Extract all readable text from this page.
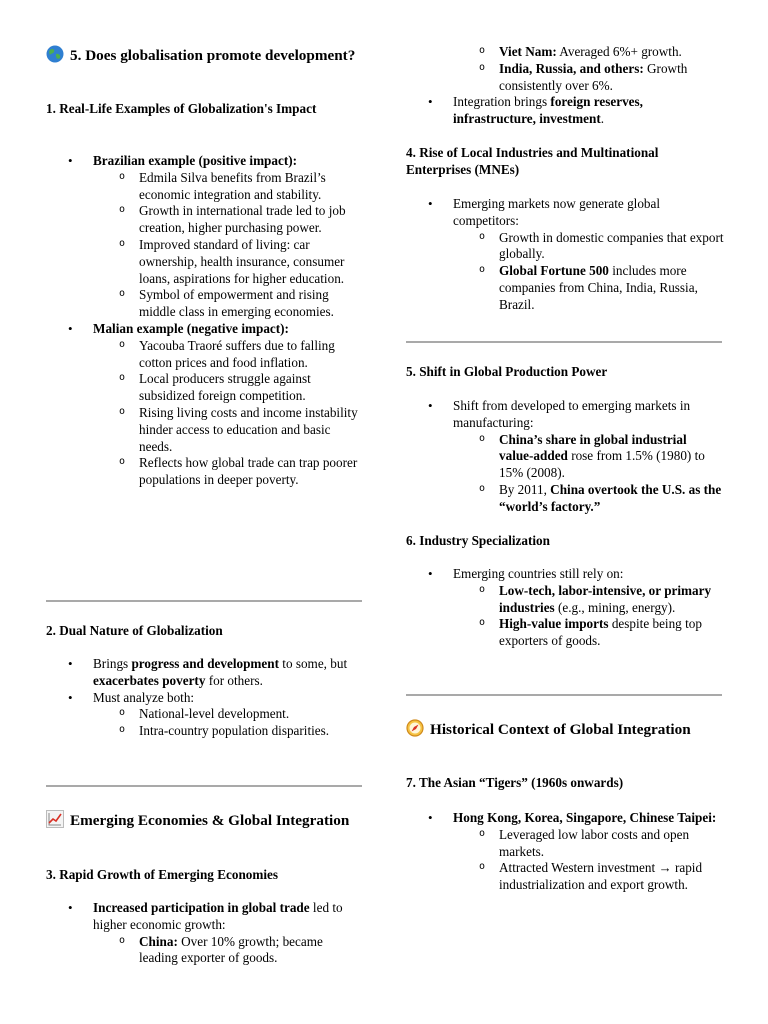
5. Does globalisation promote development?
1. Real-Life Examples of Globalization's Impact
• Brazilian example (positive impact):
o Edmila Silva benefits from Brazil’s economic integration and stability.
o Growth in international trade led to job creation, higher purchasing power.
o Improved standard of living: car ownership, health insurance, consumer loans, aspirations for higher education.
o Symbol of empowerment and rising middle class in emerging economies.
• Malian example (negative impact):
o Yacouba Traoré suffers due to falling cotton prices and food inflation.
o Local producers struggle against subsidized foreign competition.
o Rising living costs and income instability hinder access to education and basic needs.
o Reflects how global trade can trap poorer populations in deeper poverty.
2. Dual Nature of Globalization
• Brings progress and development to some, but exacerbates poverty for others.
• Must analyze both:
o National-level development.
o Intra-country population disparities.
Emerging Economies & Global Integration
3. Rapid Growth of Emerging Economies
• Increased participation in global trade led to higher economic growth:
o China: Over 10% growth; became leading exporter of goods.
o Viet Nam: Averaged 6%+ growth.
o India, Russia, and others: Growth consistently over 6%.
• Integration brings foreign reserves, infrastructure, investment.
4. Rise of Local Industries and Multinational Enterprises (MNEs)
• Emerging markets now generate global competitors:
o Growth in domestic companies that export globally.
o Global Fortune 500 includes more companies from China, India, Russia, Brazil.
5. Shift in Global Production Power
• Shift from developed to emerging markets in manufacturing:
o China’s share in global industrial value-added rose from 1.5% (1980) to 15% (2008).
o By 2011, China overtook the U.S. as the “world’s factory.”
6. Industry Specialization
• Emerging countries still rely on:
o Low-tech, labor-intensive, or primary industries (e.g., mining, energy).
o High-value imports despite being top exporters of goods.
Historical Context of Global Integration
7. The Asian “Tigers” (1960s onwards)
• Hong Kong, Korea, Singapore, Chinese Taipei:
o Leveraged low labor costs and open markets.
o Attracted Western investment → rapid industrialization and export growth.
